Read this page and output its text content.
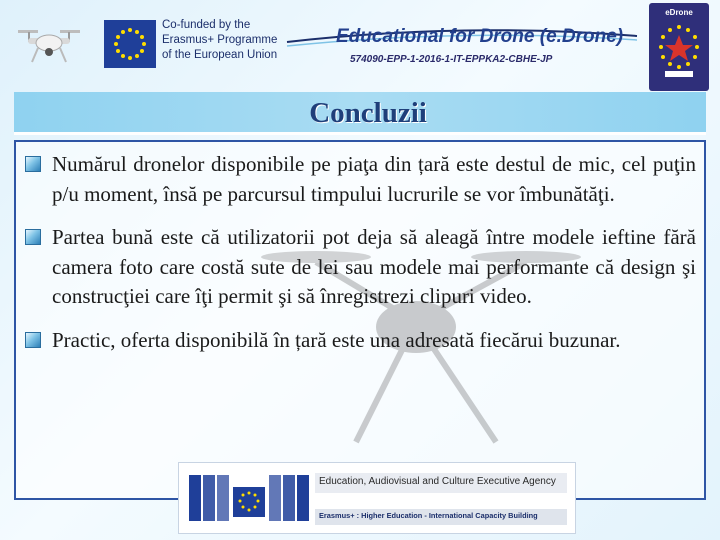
Co-funded by the
Erasmus+ Programme
of the European Union
Educational for Drone (e.Drone)
574090-EPP-1-2016-1-IT-EPPKA2-CBHE-JP
eDrone
Concluzii
Numărul dronelor disponibile pe piaţa din țară este destul de mic, cel puţin p/u moment, însă pe parcursul timpului lucrurile se vor îmbunătăţi.
Partea bună este că utilizatorii pot deja să aleagă între modele ieftine fără camera foto care costă sute de lei sau modele mai performante că design şi construcţiei care îţi permit şi să înregistrezi clipuri video.
Practic, oferta disponibilă în țară este una adresată fiecărui buzunar.
Education, Audiovisual and Culture Executive Agency
Erasmus+ : Higher Education - International Capacity Building
